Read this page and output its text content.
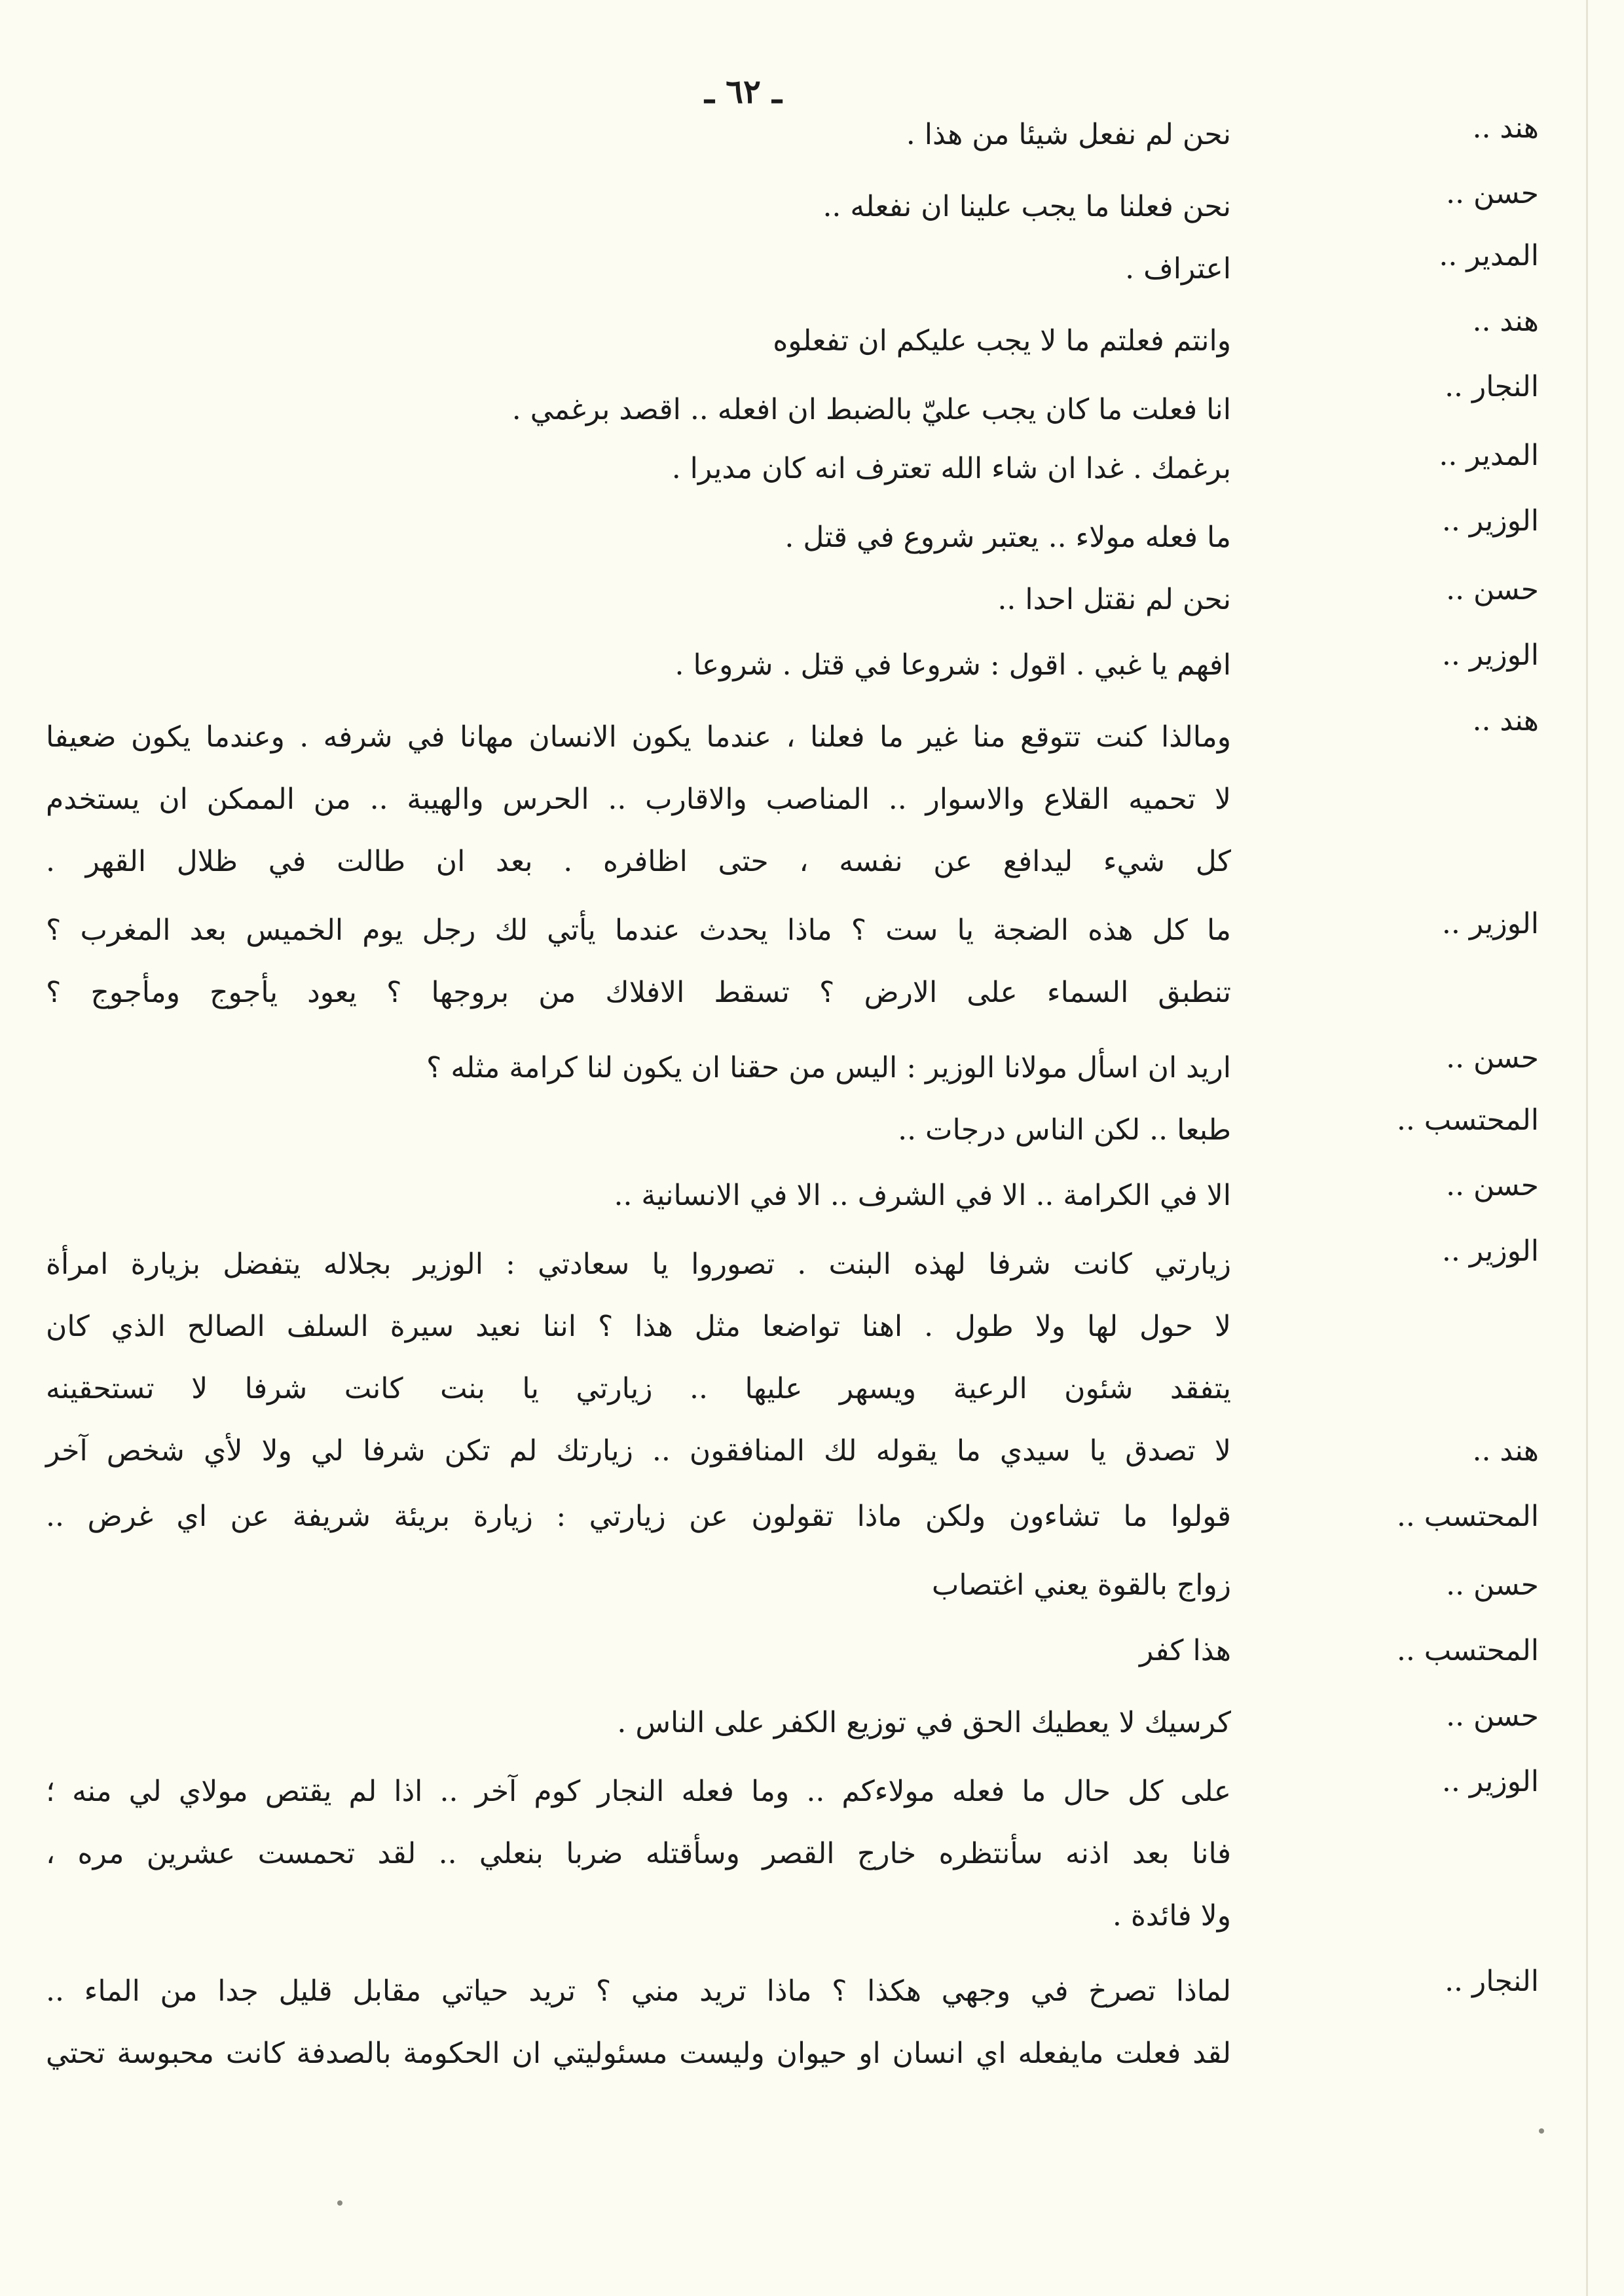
ـ ٦٢ ـ
هند ..
نحن لم نفعل شيئا من هذا .
حسن ..
نحن فعلنا ما يجب علينا ان نفعله ..
المدير ..
اعتراف .
هند ..
وانتم فعلتم ما لا يجب عليكم ان تفعلوه
النجار ..
انا فعلت ما كان يجب عليّ بالضبط ان افعله .. اقصد برغمي .
المدير ..
برغمك . غدا ان شاء الله تعترف انه كان مديرا .
الوزير ..
ما فعله مولاء .. يعتبر شروع في قتل .
حسن ..
نحن لم نقتل احدا ..
الوزير ..
افهم يا غبي . اقول : شروعا في قتل . شروعا .
هند ..
ومالذا كنت تتوقع منا غير ما فعلنا ، عندما يكون الانسان مهانا في شرفه . وعندما يكون ضعيفا
لا تحميه القلاع والاسوار .. المناصب والاقارب .. الحرس والهيبة .. من الممكن ان يستخدم
كل شيء ليدافع عن نفسه ، حتى اظافره . بعد ان طالت في ظلال القهر .
الوزير ..
ما كل هذه الضجة يا ست ؟ ماذا يحدث عندما يأتي لك رجل يوم الخميس بعد المغرب ؟
تنطبق السماء على الارض ؟ تسقط الافلاك من بروجها ؟ يعود يأجوج ومأجوج ؟
حسن ..
اريد ان اسأل مولانا الوزير : اليس من حقنا ان يكون لنا كرامة مثله ؟
المحتسب ..
طبعا .. لكن الناس درجات ..
حسن ..
الا في الكرامة .. الا في الشرف .. الا في الانسانية ..
الوزير ..
زيارتي كانت شرفا لهذه البنت . تصوروا يا سعادتي : الوزير بجلاله يتفضل بزيارة امرأة
لا حول لها ولا طول . اهنا تواضعا مثل هذا ؟ اننا نعيد سيرة السلف الصالح الذي كان
يتفقد شئون الرعية ويسهر عليها .. زيارتي يا بنت كانت شرفا لا تستحقينه
هند ..
لا تصدق يا سيدي ما يقوله لك المنافقون .. زيارتك لم تكن شرفا لي ولا لأي شخص آخر
المحتسب ..
قولوا ما تشاءون ولكن ماذا تقولون عن زيارتي : زيارة بريئة شريفة عن اي غرض ..
حسن ..
زواج بالقوة يعني اغتصاب
المحتسب ..
هذا كفر
حسن ..
كرسيك لا يعطيك الحق في توزيع الكفر على الناس .
الوزير ..
على كل حال ما فعله مولاءكم .. وما فعله النجار كوم آخر .. اذا لم يقتص مولاي لي منه ؛
فانا بعد اذنه سأنتظره خارج القصر وسأقتله ضربا بنعلي .. لقد تحمست عشرين مره ،
ولا فائدة .
النجار ..
لماذا تصرخ في وجهي هكذا ؟ ماذا تريد مني ؟ تريد حياتي مقابل قليل جدا من الماء ..
لقد فعلت مايفعله اي انسان او حيوان وليست مسئوليتي ان الحكومة بالصدفة كانت محبوسة تحتي
